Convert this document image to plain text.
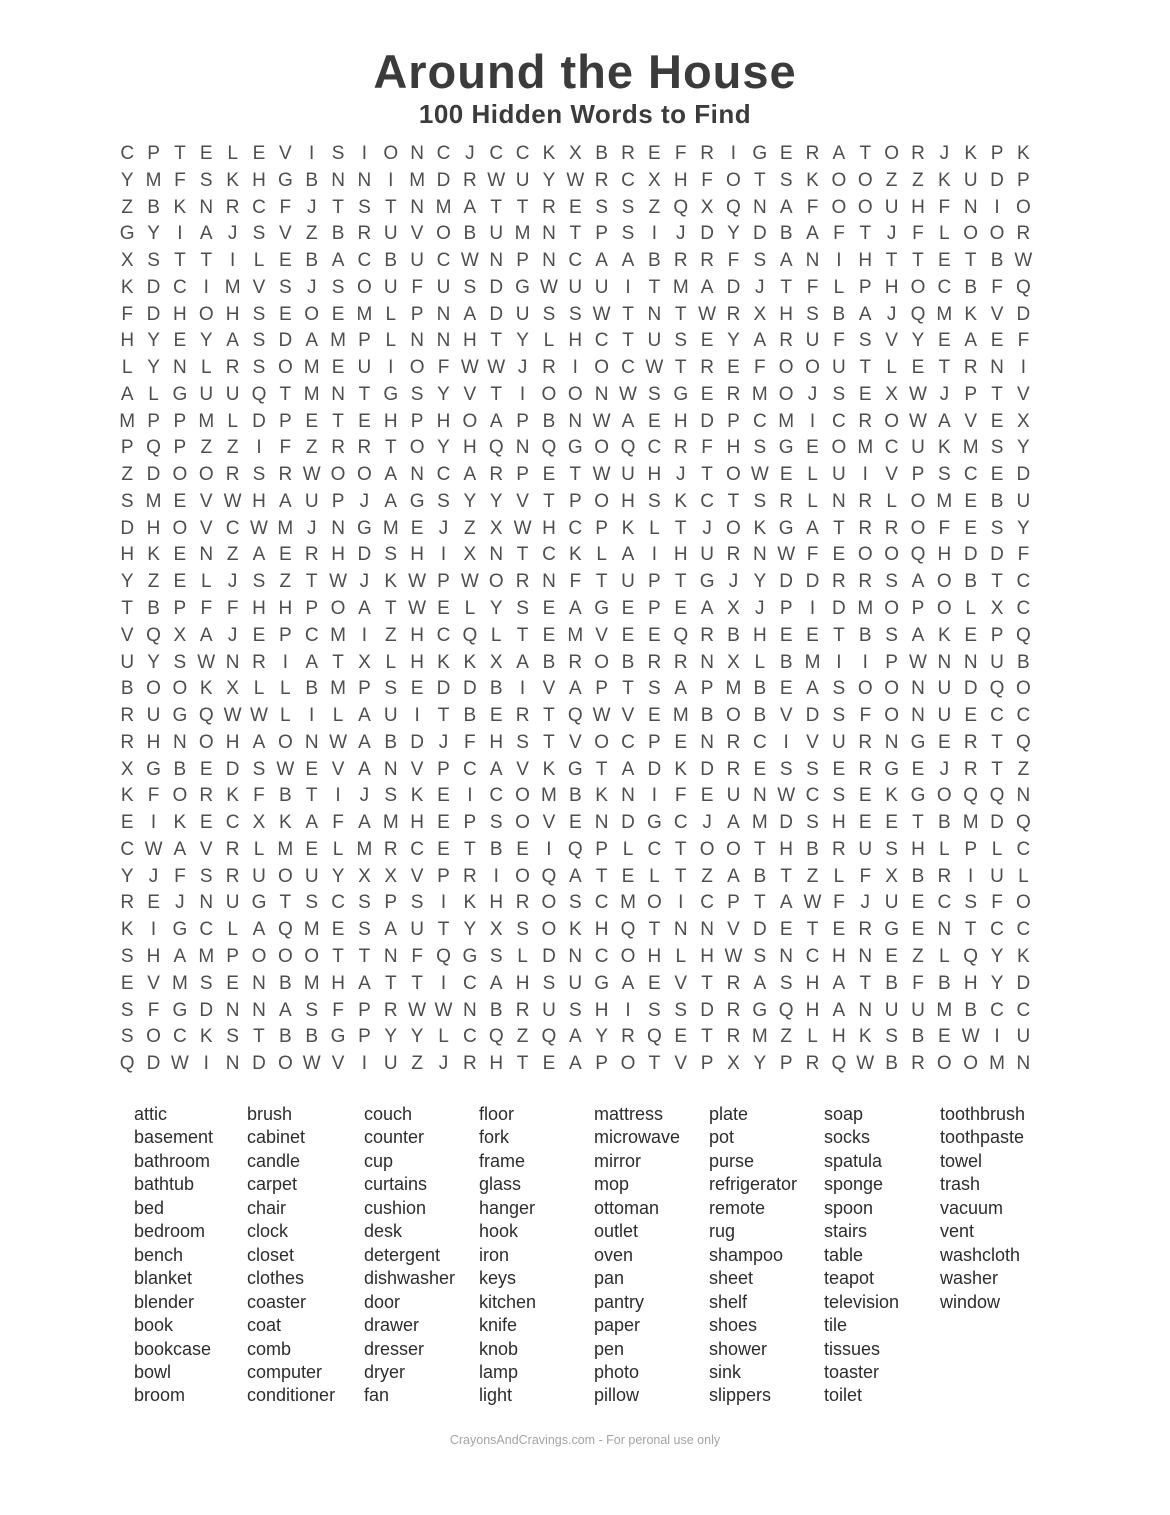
Around the House
100 Hidden Words to Find
C P T E L E V I S I O N C J C C K X B R E F R I G E R A T O R J K P K
Y M F S K H G B N N I M D R W U Y W R C X H F O T S K O O Z Z K U D P
Z B K N R C F J T S T N M A T T R E S S Z Q X Q N A F O O U H F N I O
G Y I A J S V Z B R U V O B U M N T P S I J D Y D B A F T J F L O O R
X S T T I L E B A C B U C W N P N C A A B R R F S A N I H T T E T B W
K D C I M V S J S O U F U S D G W U U I T M A D J T F L P H O C B F Q
F D H O H S E O E M L P N A D U S S W T N T W R X H S B A J Q M K V D
H Y E Y A S D A M P L N N H T Y L H C T U S E Y A R U F S V Y E A E F
L Y N L R S O M E U I O F W W J R I O C W T R E F O O U T L E T R N I
A L G U U Q T M N T G S Y V T I O O N W S G E R M O J S E X W J P T V
M P P M L D P E T E H P H O A P B N W A E H D P C M I C R O W A V E X
P Q P Z Z I F Z R R T O Y H Q N Q G O Q C R F H S G E O M C U K M S Y
Z D O O R S R W O O A N C A R P E T W U H J T O W E L U I V P S C E D
S M E V W H A U P J A G S Y Y V T P O H S K C T S R L N R L O M E B U
D H O V C W M J N G M E J Z X W H C P K L T J O K G A T R R O F E S Y
H K E N Z A E R H D S H I X N T C K L A I H U R N W F E O O Q H D D F
Y Z E L J S Z T W J K W P W O R N F T U P T G J Y D D R R S A O B T C
T B P F F H H P O A T W E L Y S E A G E P E A X J P I D M O P O L X C
V Q X A J E P C M I Z H C Q L T E M V E E Q R B H E E T B S A K E P Q
U Y S W N R I A T X L H K K X A B R O B R R N X L B M I	I P W N N U B
B O O K X L L B M P S E D D B I V A P T S A P M B E A S O O N U D Q O
R U G Q W W L I L A U I T B E R T Q W V E M B O B V D S F O N U E C C
R H N O H A O N W A B D J F H S T V O C P E N R C I V U R N G E R T Q
X G B E D S W E V A N V P C A V K G T A D K D R E S S E R G E J R T Z
K F O R K F B T I J S K E I C O M B K N I F E U N W C S E K G O Q Q N
E I K E C X K A F A M H E P S O V E N D G C J A M D S H E E T B M D Q
C W A V R L M E L M R C E T B E I Q P L C T O O T H B R U S H L P L C
Y J F S R U O U Y X X V P R I O Q A T E L T Z A B T Z L F X B R I U L
R E J N U G T S C S P S I K H R O S C M O I C P T A W F J U E C S F O
K I G C L A Q M E S A U T Y X S O K H Q T N N V D E T E R G E N T C C
S H A M P O O O T T N F Q G S L D N C O H L H W S N C H N E Z L Q Y K
E V M S E N B M H A T T I C A H S U G A E V T R A S H A T B F B H Y D
S F G D N N A S F P R W W N B R U S H I S S D R G Q H A N U U M B C C
S O C K S T B B G P Y Y L C Q Z Q A Y R Q E T R M Z L H K S B E W I U
Q D W I N D O W V I U Z J R H T E A P O T V P X Y P R Q W B R O O M N
attic
basement
bathroom
bathtub
bed
bedroom
bench
blanket
blender
book
bookcase
bowl
broom
brush
cabinet
candle
carpet
chair
clock
closet
clothes
coaster
coat
comb
computer
conditioner
couch
counter
cup
curtains
cushion
desk
detergent
dishwasher
door
drawer
dresser
dryer
fan
floor
fork
frame
glass
hanger
hook
iron
keys
kitchen
knife
knob
lamp
light
mattress
microwave
mirror
mop
ottoman
outlet
oven
pan
pantry
paper
pen
photo
pillow
plate
pot
purse
refrigerator
remote
rug
shampoo
sheet
shelf
shoes
shower
sink
slippers
soap
socks
spatula
sponge
spoon
stairs
table
teapot
television
tile
tissues
toaster
toilet
toothbrush
toothpaste
towel
trash
vacuum
vent
washcloth
washer
window
CrayonsAndCravings.com - For peronal use only
